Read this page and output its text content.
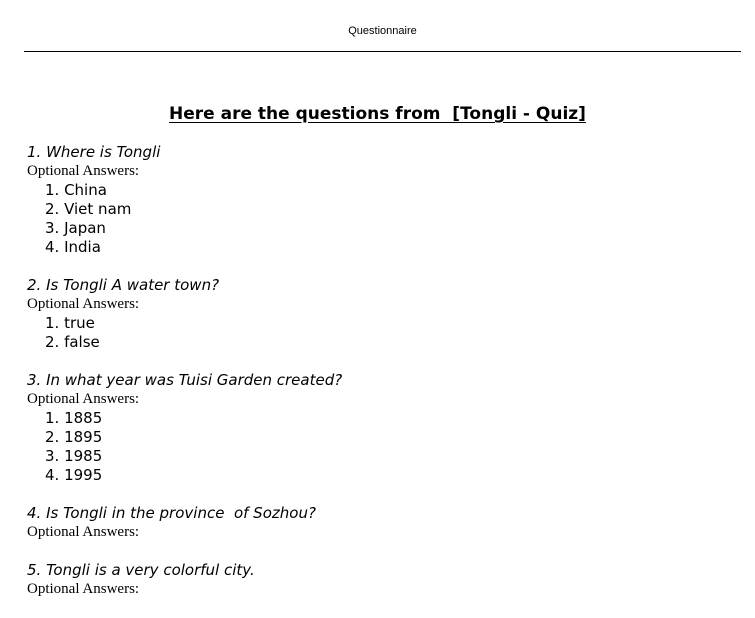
Questionnaire
Here are the questions from  [Tongli - Quiz]
1. Where is Tongli
Optional Answers:
1. China
2. Viet nam
3. Japan
4. India
2. Is Tongli A water town?
Optional Answers:
1. true
2. false
3. In what year was Tuisi Garden created?
Optional Answers:
1. 1885
2. 1895
3. 1985
4. 1995
4. Is Tongli in the province  of Sozhou?
Optional Answers:
5. Tongli is a very colorful city.
Optional Answers:
